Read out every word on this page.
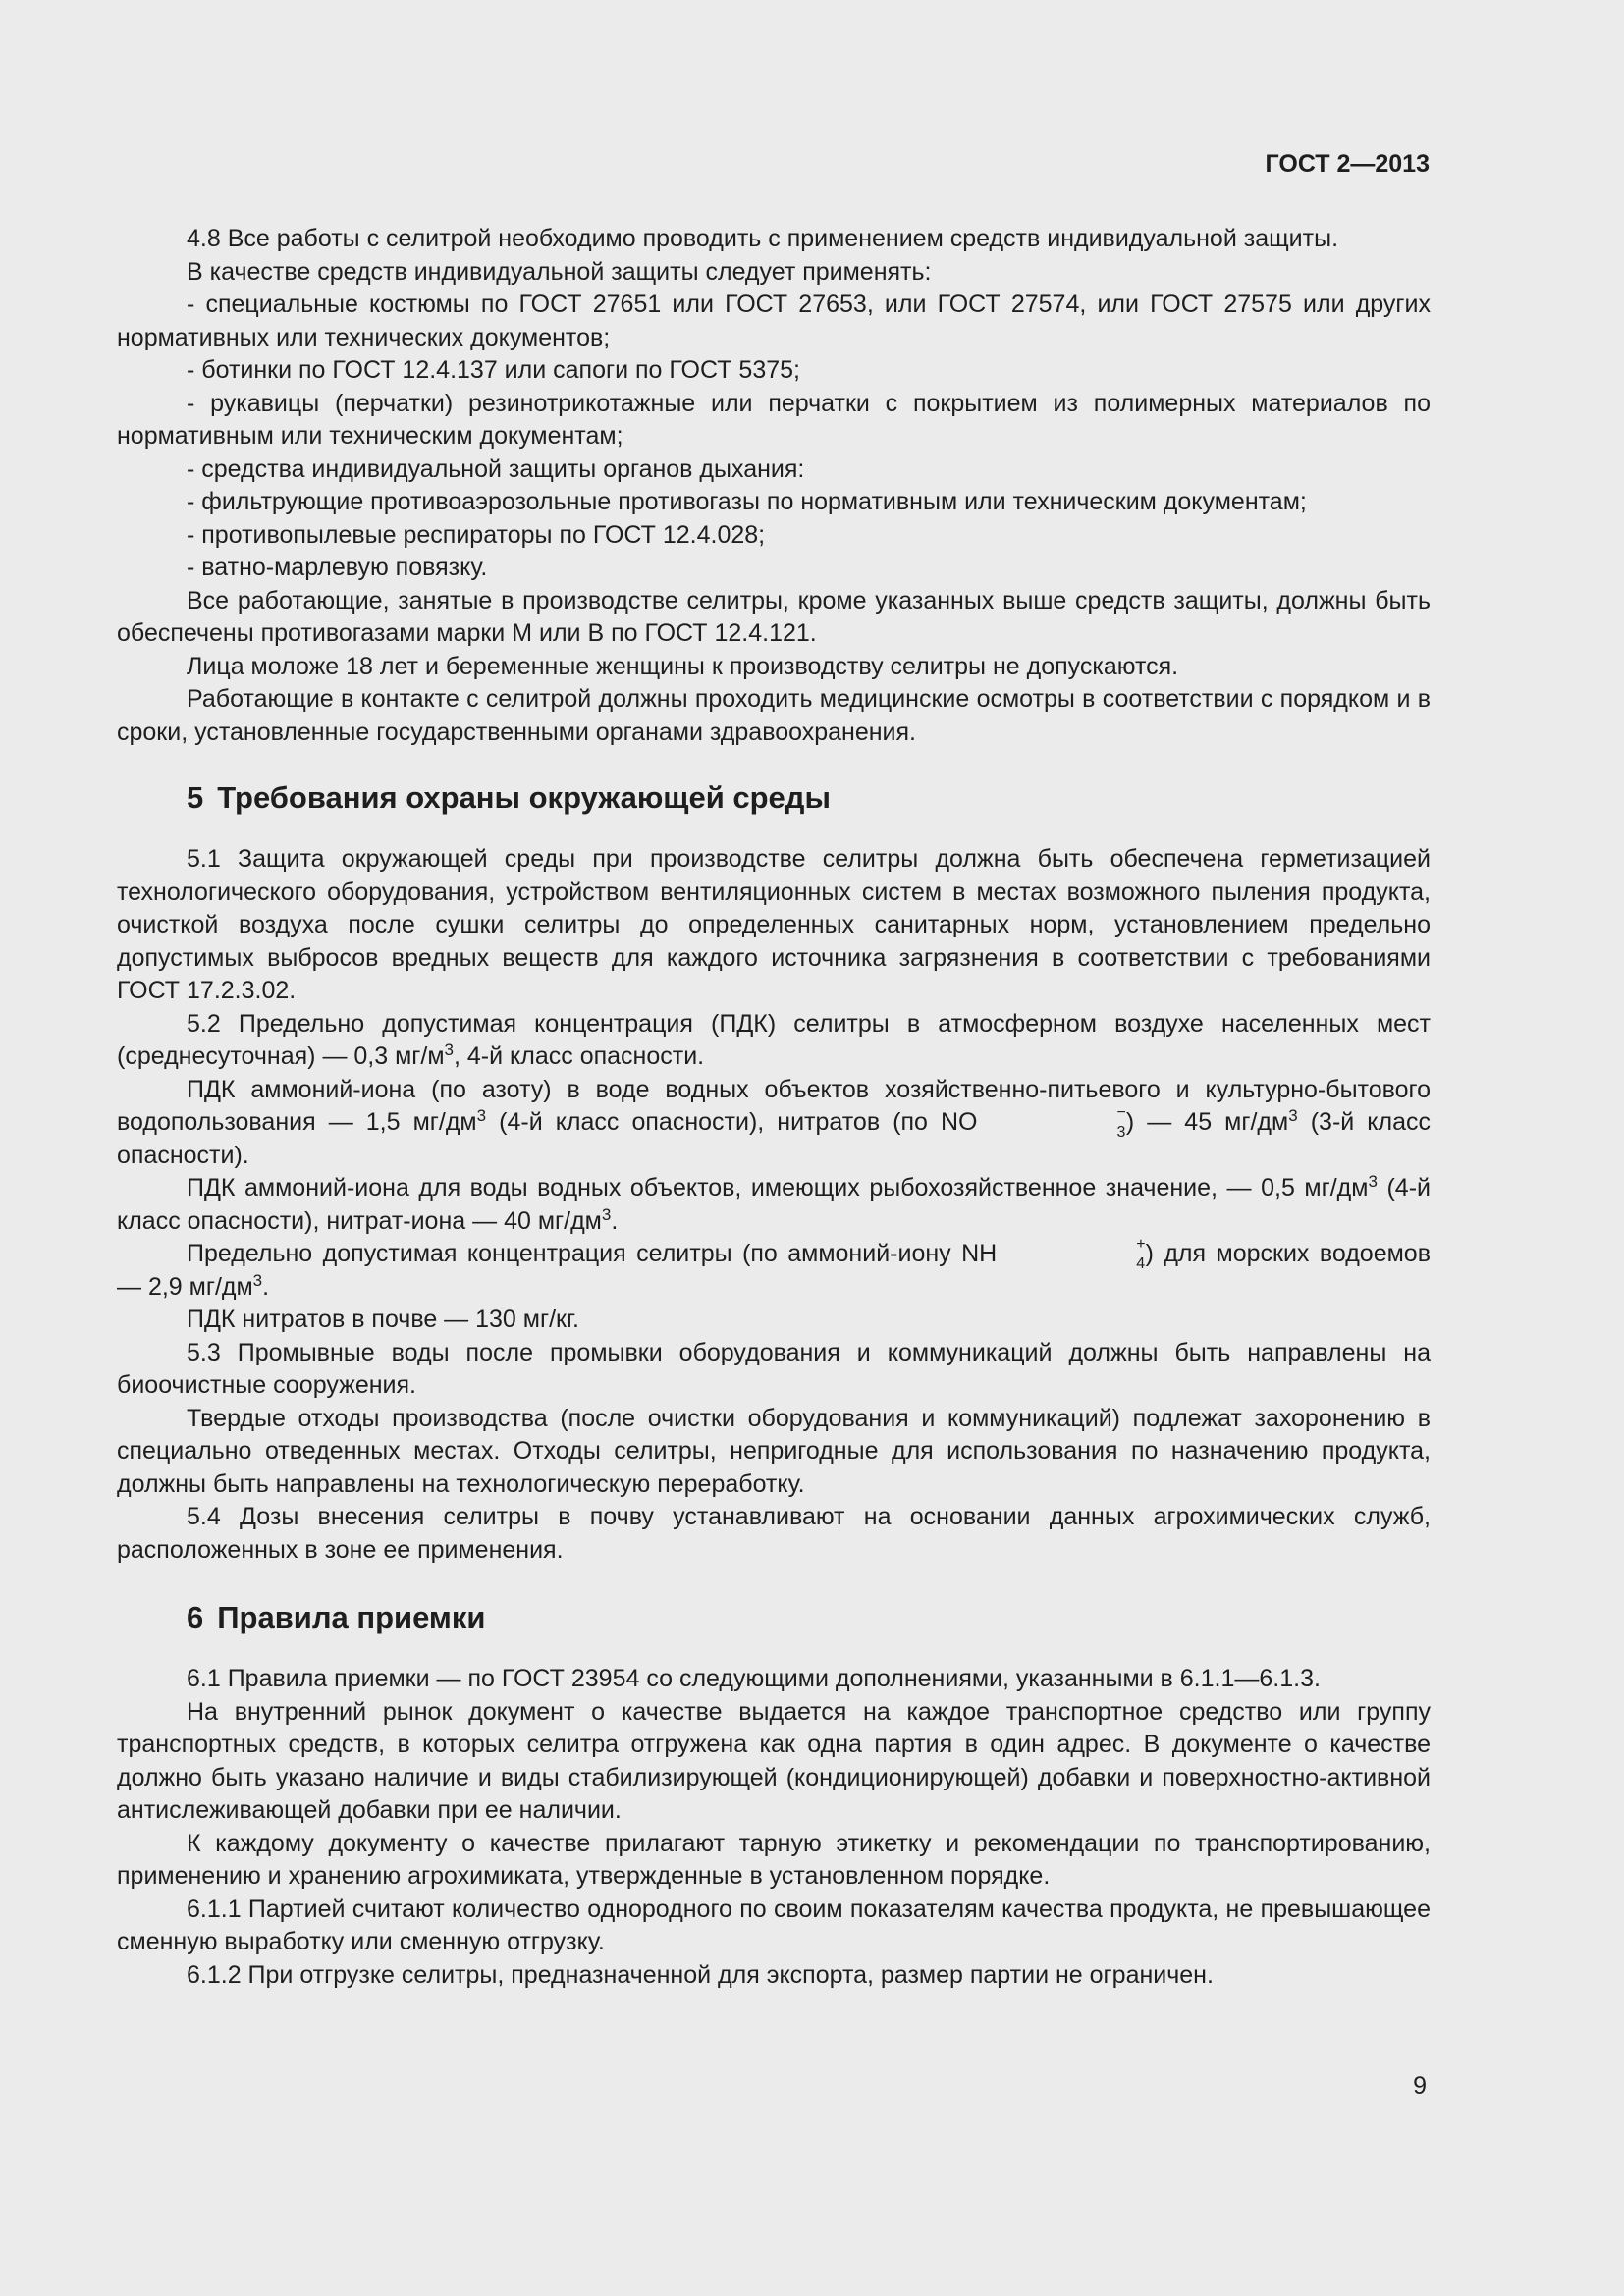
ГОСТ 2—2013

4.8 Все работы с селитрой необходимо проводить с применением средств индивидуальной защиты.

В качестве средств индивидуальной защиты следует применять:

- специальные костюмы по ГОСТ 27651 или ГОСТ 27653, или ГОСТ 27574, или ГОСТ 27575 или других нормативных или технических документов;

- ботинки по ГОСТ 12.4.137 или сапоги по ГОСТ 5375;

- рукавицы (перчатки) резинотрикотажные или перчатки с покрытием из полимерных материалов по нормативным или техническим документам;

- средства индивидуальной защиты органов дыхания:

- фильтрующие противоаэрозольные противогазы по нормативным или техническим документам;

- противопылевые респираторы по ГОСТ 12.4.028;

- ватно-марлевую повязку.

Все работающие, занятые в производстве селитры, кроме указанных выше средств защиты, должны быть обеспечены противогазами марки М или В по ГОСТ 12.4.121.

Лица моложе 18 лет и беременные женщины к производству селитры не допускаются.

Работающие в контакте с селитрой должны проходить медицинские осмотры в соответствии с порядком и в сроки, установленные государственными органами здравоохранения.

5 Требования охраны окружающей среды

5.1 Защита окружающей среды при производстве селитры должна быть обеспечена герметизацией технологического оборудования, устройством вентиляционных систем в местах возможного пыления продукта, очисткой воздуха после сушки селитры до определенных санитарных норм, установлением предельно допустимых выбросов вредных веществ для каждого источника загрязнения в соответствии с требованиями ГОСТ 17.2.3.02.

5.2 Предельно допустимая концентрация (ПДК) селитры в атмосферном воздухе населенных мест (среднесуточная) — 0,3 $мг/м^3$, 4-й класс опасности.

ПДК аммоний-иона (по азоту) в воде водных объектов хозяйственно-питьевого и культурно-бытового водопользования — 1,5 $мг/дм^3$ (4-й класс опасности), нитратов (по NO	−
3 ) — 45 $мг/дм^3$ (3-й класс опасности).

ПДК аммоний-иона для воды водных объектов, имеющих рыбохозяйственное значение, — 0,5 $мг/дм^3$ (4-й класс опасности), нитрат-иона — 40 $мг/дм^3$.

Предельно допустимая концентрация селитры (по аммоний-иону NH	+
4 ) для морских водоемов — 2,9 $мг/дм^3$.

ПДК нитратов в почве — 130 мг/кг.

5.3 Промывные воды после промывки оборудования и коммуникаций должны быть направлены на биоочистные сооружения.

Твердые отходы производства (после очистки оборудования и коммуникаций) подлежат захоронению в специально отведенных местах. Отходы селитры, непригодные для использования по назначению продукта, должны быть направлены на технологическую переработку.

5.4 Дозы внесения селитры в почву устанавливают на основании данных агрохимических служб, расположенных в зоне ее применения.

6 Правила приемки

6.1 Правила приемки — по ГОСТ 23954 со следующими дополнениями, указанными в 6.1.1—6.1.3.

На внутренний рынок документ о качестве выдается на каждое транспортное средство или группу транспортных средств, в которых селитра отгружена как одна партия в один адрес. В документе о качестве должно быть указано наличие и виды стабилизирующей (кондиционирующей) добавки и поверхностно-активной антислеживающей добавки при ее наличии.

К каждому документу о качестве прилагают тарную этикетку и рекомендации по транспортированию, применению и хранению агрохимиката, утвержденные в установленном порядке.

6.1.1 Партией считают количество однородного по своим показателям качества продукта, не превышающее сменную выработку или сменную отгрузку.

6.1.2 При отгрузке селитры, предназначенной для экспорта, размер партии не ограничен.

9
